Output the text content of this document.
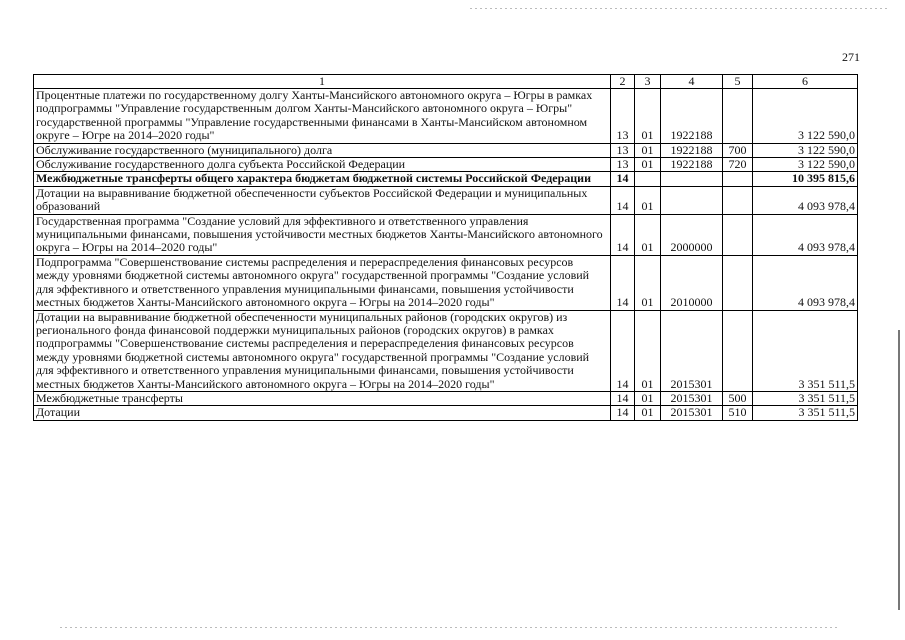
271
1	2	3	4	5	6
Процентные платежи по государственному долгу Ханты-Мансийского автономного округа – Югры в рамках подпрограммы "Управление государственным долгом Ханты-Мансийского автономного округа – Югры" государственной программы "Управление государственными финансами в Ханты-Мансийском автономном округе – Югре на 2014–2020 годы"	13	01	1922188		3 122 590,0
Обслуживание государственного (муниципального) долга	13	01	1922188	700	3 122 590,0
Обслуживание государственного долга субъекта Российской Федерации	13	01	1922188	720	3 122 590,0
Межбюджетные трансферты общего характера бюджетам бюджетной системы Российской Федерации	14				10 395 815,6
Дотации на выравнивание бюджетной обеспеченности субъектов Российской Федерации и муниципальных образований	14	01			4 093 978,4
Государственная программа "Создание условий для эффективного и ответственного управления муниципальными финансами, повышения устойчивости местных бюджетов Ханты-Мансийского автономного округа – Югры на 2014–2020 годы"	14	01	2000000		4 093 978,4
Подпрограмма "Совершенствование системы распределения и перераспределения финансовых ресурсов между уровнями бюджетной системы автономного округа" государственной программы "Создание условий для эффективного и ответственного управления муниципальными финансами, повышения устойчивости местных бюджетов Ханты-Мансийского автономного округа – Югры на 2014–2020 годы"	14	01	2010000		4 093 978,4
Дотации на выравнивание бюджетной обеспеченности муниципальных районов (городских округов) из регионального фонда финансовой поддержки муниципальных районов (городских округов) в рамках подпрограммы "Совершенствование системы распределения и перераспределения финансовых ресурсов между уровнями бюджетной системы автономного округа" государственной программы "Создание условий для эффективного и ответственного управления муниципальными финансами, повышения устойчивости местных бюджетов Ханты-Мансийского автономного округа – Югры на 2014–2020 годы"	14	01	2015301		3 351 511,5
Межбюджетные трансферты	14	01	2015301	500	3 351 511,5
Дотации	14	01	2015301	510	3 351 511,5
